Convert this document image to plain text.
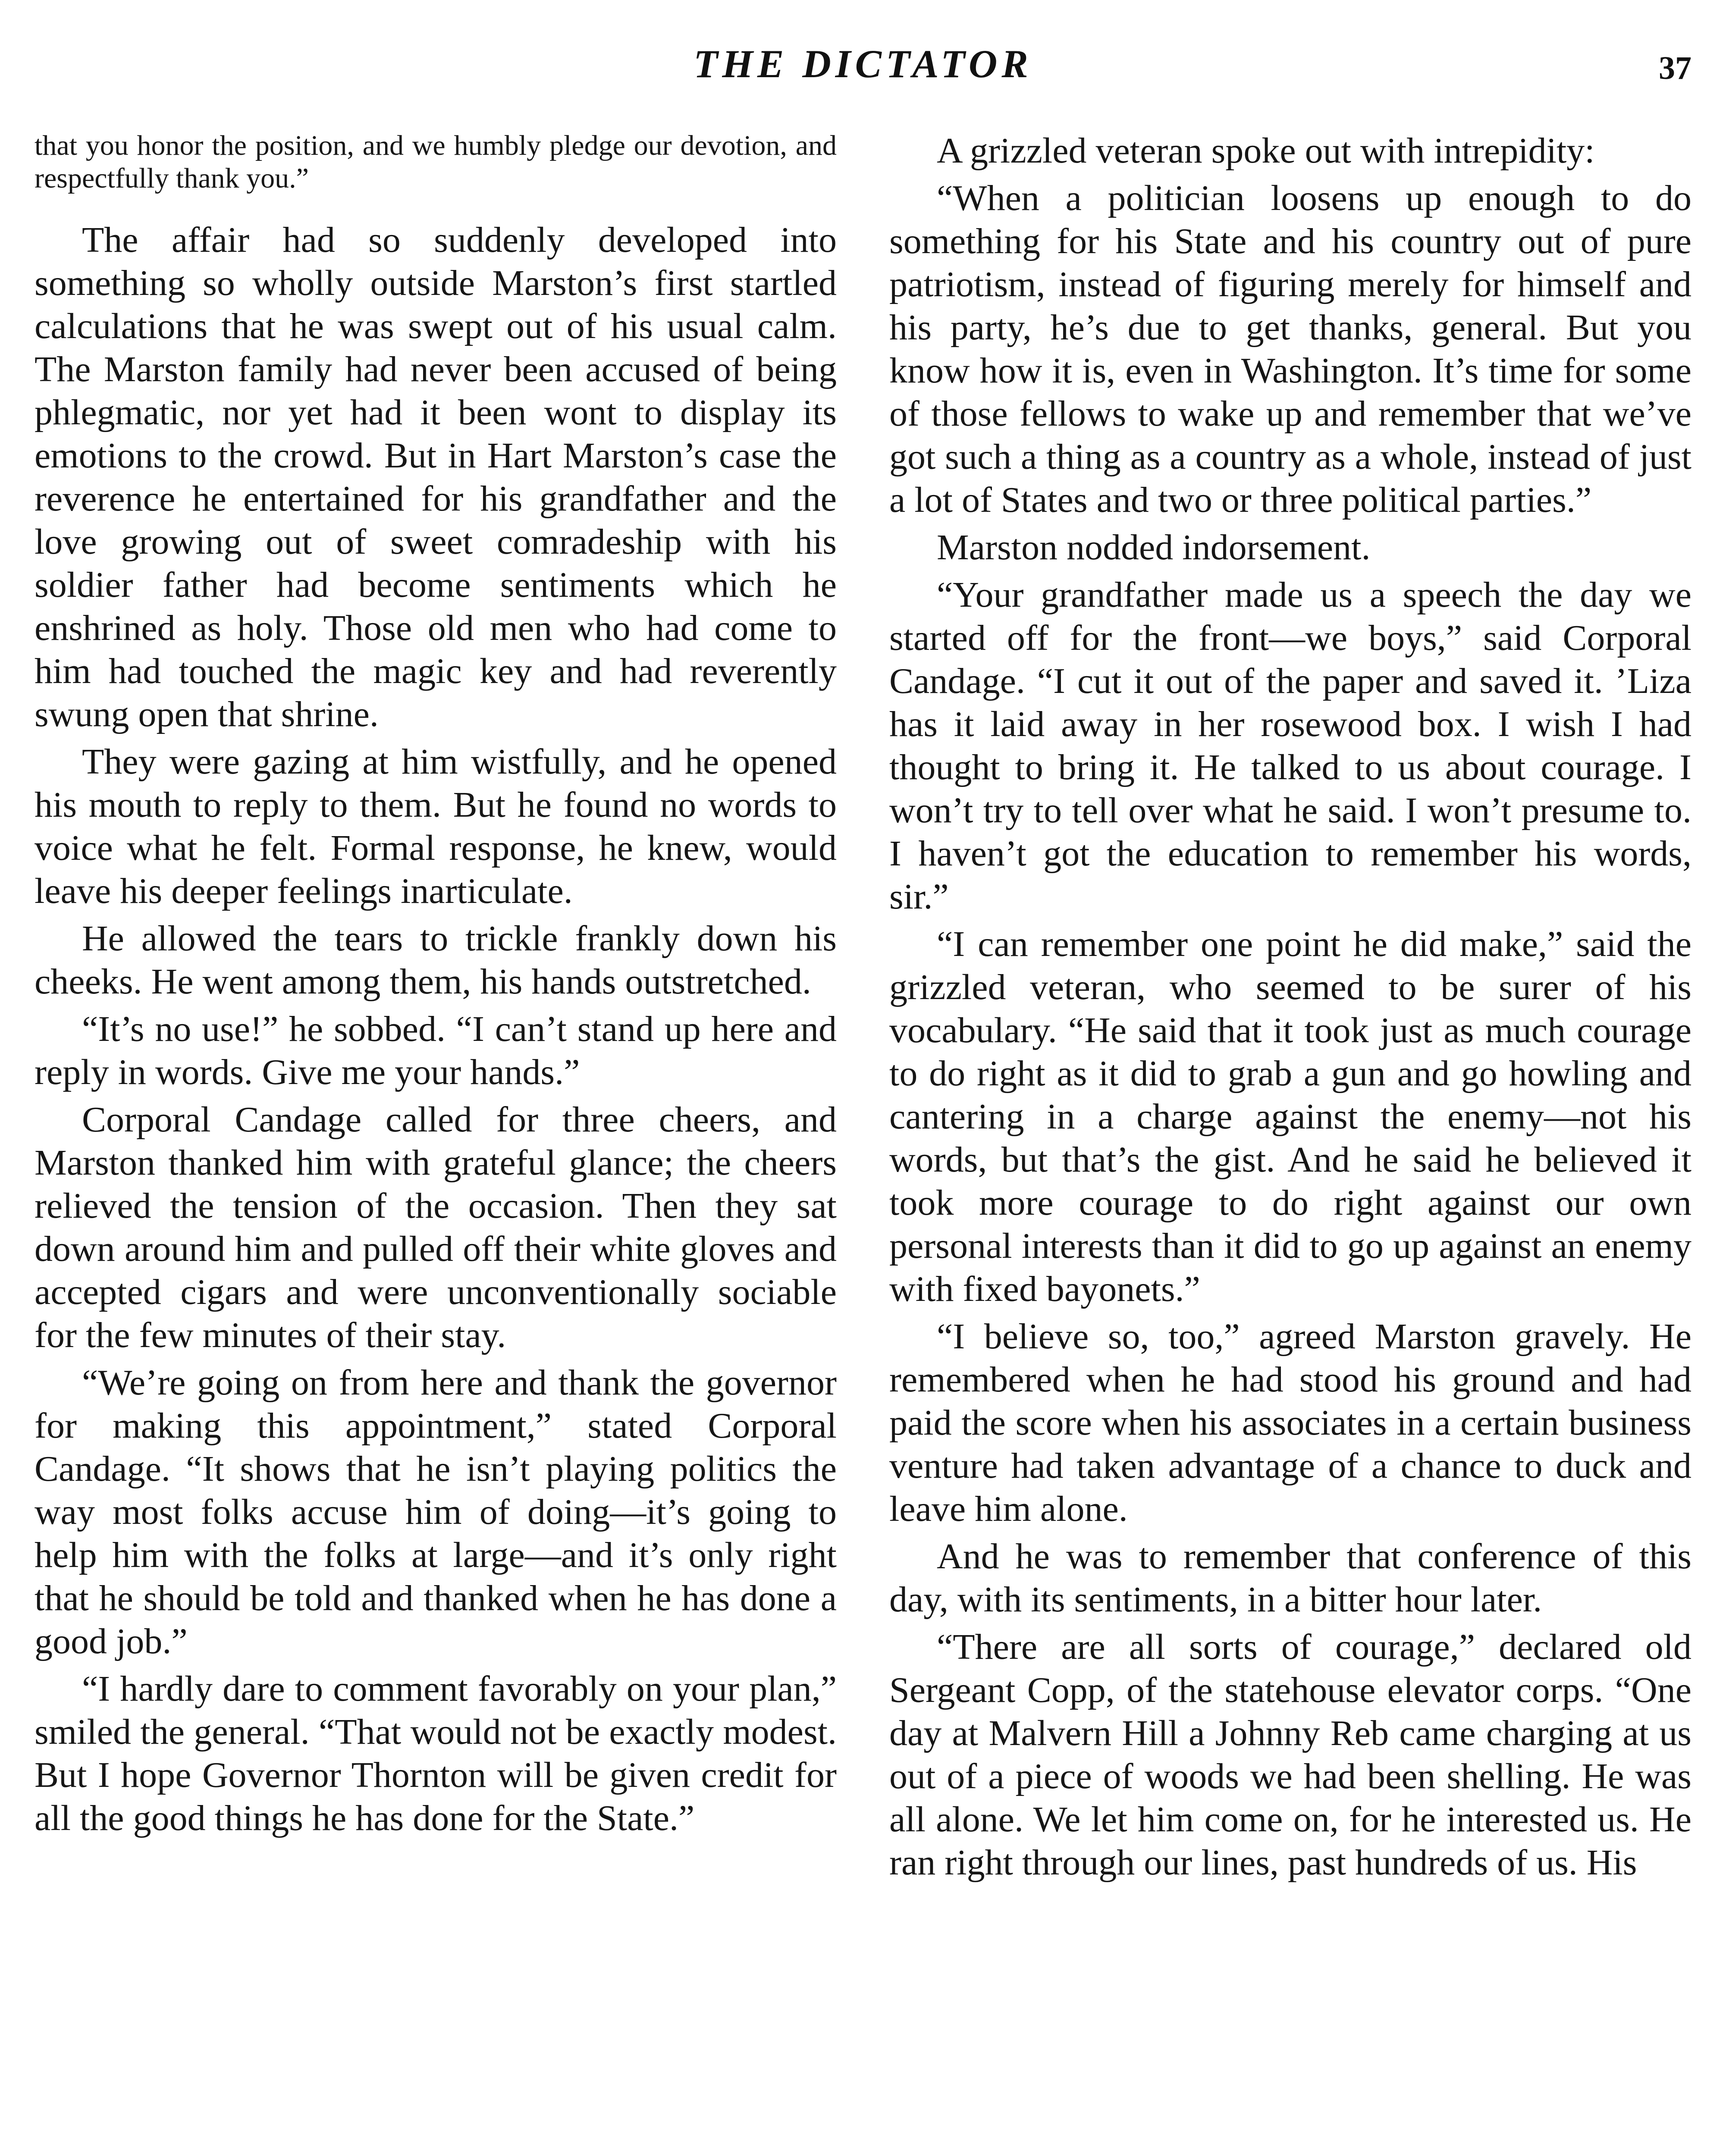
THE DICTATOR	37

that you honor the position, and we humbly pledge our devotion, and respectfully thank you.”

The affair had so suddenly developed into something so wholly outside Marston’s first startled calculations that he was swept out of his usual calm. The Marston family had never been accused of being phlegmatic, nor yet had it been wont to display its emotions to the crowd. But in Hart Marston’s case the reverence he entertained for his grandfather and the love growing out of sweet comradeship with his soldier father had become sentiments which he enshrined as holy. Those old men who had come to him had touched the magic key and had reverently swung open that shrine.

They were gazing at him wistfully, and he opened his mouth to reply to them. But he found no words to voice what he felt. Formal response, he knew, would leave his deeper feelings inarticulate.

He allowed the tears to trickle frankly down his cheeks. He went among them, his hands outstretched.

“It’s no use!” he sobbed. “I can’t stand up here and reply in words. Give me your hands.”

Corporal Candage called for three cheers, and Marston thanked him with grateful glance; the cheers relieved the tension of the occasion. Then they sat down around him and pulled off their white gloves and accepted cigars and were unconventionally sociable for the few minutes of their stay.

“We’re going on from here and thank the governor for making this appointment,” stated Corporal Candage. “It shows that he isn’t playing politics the way most folks accuse him of doing—it’s going to help him with the folks at large—and it’s only right that he should be told and thanked when he has done a good job.”

“I hardly dare to comment favorably on your plan,” smiled the general. “That would not be exactly modest. But I hope Governor Thornton will be given credit for all the good things he has done for the State.”

A grizzled veteran spoke out with intrepidity:

“When a politician loosens up enough to do something for his State and his country out of pure patriotism, instead of figuring merely for himself and his party, he’s due to get thanks, general. But you know how it is, even in Washington. It’s time for some of those fellows to wake up and remember that we’ve got such a thing as a country as a whole, instead of just a lot of States and two or three political parties.”

Marston nodded indorsement.

“Your grandfather made us a speech the day we started off for the front—we boys,” said Corporal Candage. “I cut it out of the paper and saved it. ’Liza has it laid away in her rosewood box. I wish I had thought to bring it. He talked to us about courage. I won’t try to tell over what he said. I won’t presume to. I haven’t got the education to remember his words, sir.”

“I can remember one point he did make,” said the grizzled veteran, who seemed to be surer of his vocabulary. “He said that it took just as much courage to do right as it did to grab a gun and go howling and cantering in a charge against the enemy—not his words, but that’s the gist. And he said he believed it took more courage to do right against our own personal interests than it did to go up against an enemy with fixed bayonets.”

“I believe so, too,” agreed Marston gravely. He remembered when he had stood his ground and had paid the score when his associates in a certain business venture had taken advantage of a chance to duck and leave him alone.

And he was to remember that conference of this day, with its sentiments, in a bitter hour later.

“There are all sorts of courage,” declared old Sergeant Copp, of the statehouse elevator corps. “One day at Malvern Hill a Johnny Reb came charging at us out of a piece of woods we had been shelling. He was all alone. We let him come on, for he interested us. He ran right through our lines, past hundreds of us. His
